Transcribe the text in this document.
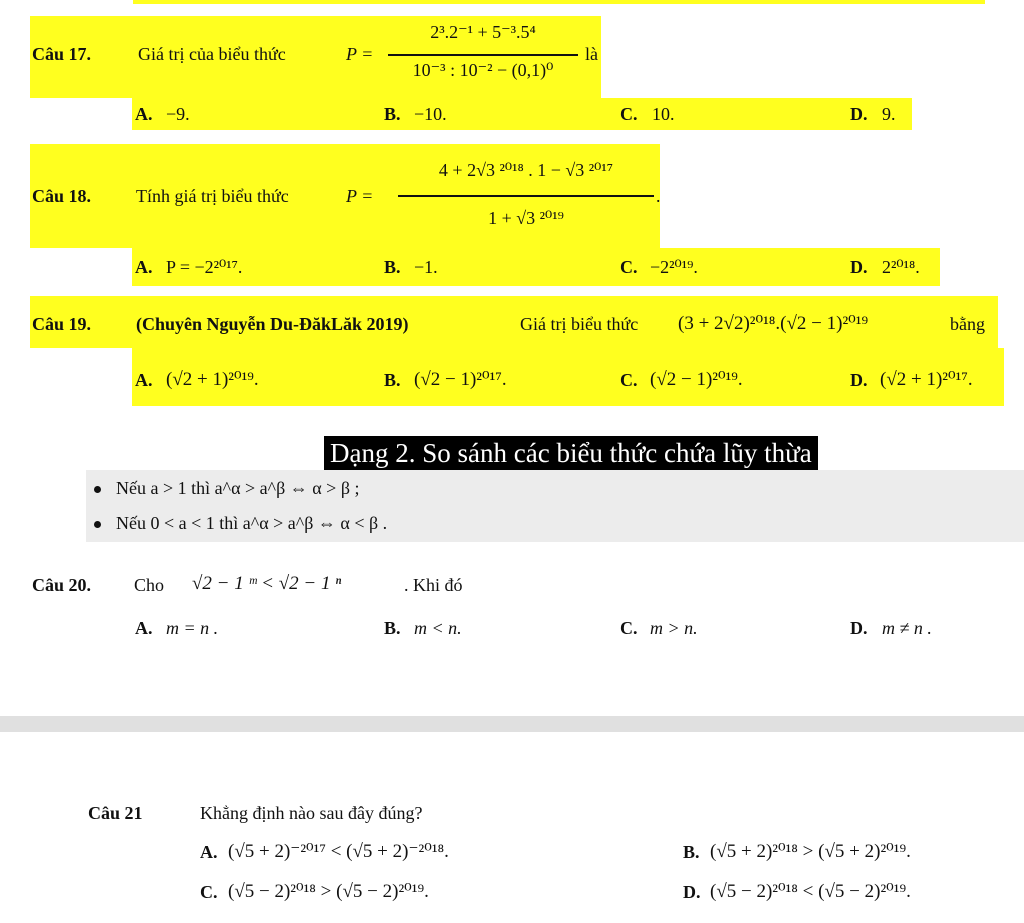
Câu 17.	Giá trị của biểu thức	P =
2³.2⁻¹ + 5⁻³.5⁴
10⁻³ : 10⁻² − (0,1)⁰
là
A. −9.	B. −10.	C. 10.	D. 9.
Câu 18. Tính giá trị biểu thức	P =
4 + 2√3 ²⁰¹⁸ . 1 − √3 ²⁰¹⁷
1 + √3 ²⁰¹⁹
.
A. P = −2²⁰¹⁷.	B. −1.	C. −2²⁰¹⁹.	D. 2²⁰¹⁸.
Câu 19. (Chuyên Nguyễn Du-ĐăkLăk 2019)	Giá trị biểu thức (3 + 2√2)²⁰¹⁸.(√2 − 1)²⁰¹⁹	bằng
A. (√2 + 1)²⁰¹⁹.	B. (√2 − 1)²⁰¹⁷.	C. (√2 − 1)²⁰¹⁹.	D. (√2 + 1)²⁰¹⁷.
Dạng 2. So sánh các biểu thức chứa lũy thừa
Nếu a > 1 thì a^α > a^β ⇔ α > β ;
Nếu 0 < a < 1 thì a^α > a^β ⇔ α < β .
Câu 20. Cho √2 − 1 ᵐ < √2 − 1 ⁿ	. Khi đó
A. m = n .	B. m < n.	C. m > n.	D. m ≠ n .
Câu 21	Khẳng định nào sau đây đúng?
A. (√5 + 2)⁻²⁰¹⁷ < (√5 + 2)⁻²⁰¹⁸.	B. (√5 + 2)²⁰¹⁸ > (√5 + 2)²⁰¹⁹.
C. (√5 − 2)²⁰¹⁸ > (√5 − 2)²⁰¹⁹.	D. (√5 − 2)²⁰¹⁸ < (√5 − 2)²⁰¹⁹.
